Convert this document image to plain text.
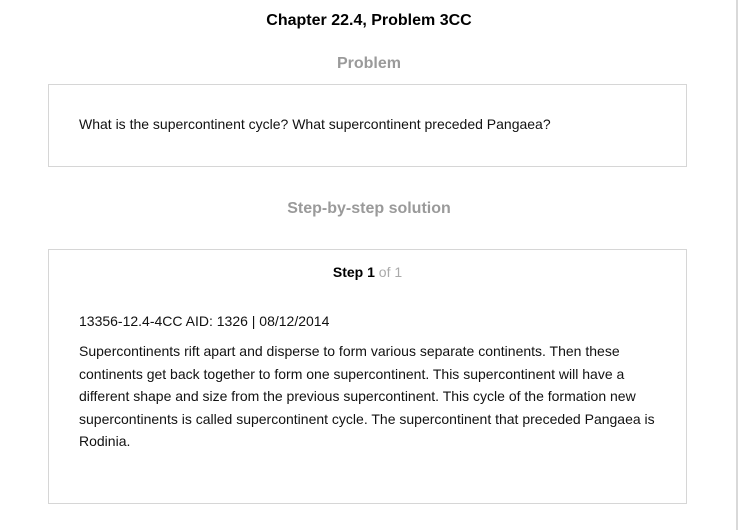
Chapter 22.4, Problem 3CC
Problem
What is the supercontinent cycle? What supercontinent preceded Pangaea?
Step-by-step solution
Step 1 of 1
13356-12.4-4CC AID: 1326 | 08/12/2014
Supercontinents rift apart and disperse to form various separate continents. Then these continents get back together to form one supercontinent. This supercontinent will have a different shape and size from the previous supercontinent. This cycle of the formation new supercontinents is called supercontinent cycle. The supercontinent that preceded Pangaea is Rodinia.
